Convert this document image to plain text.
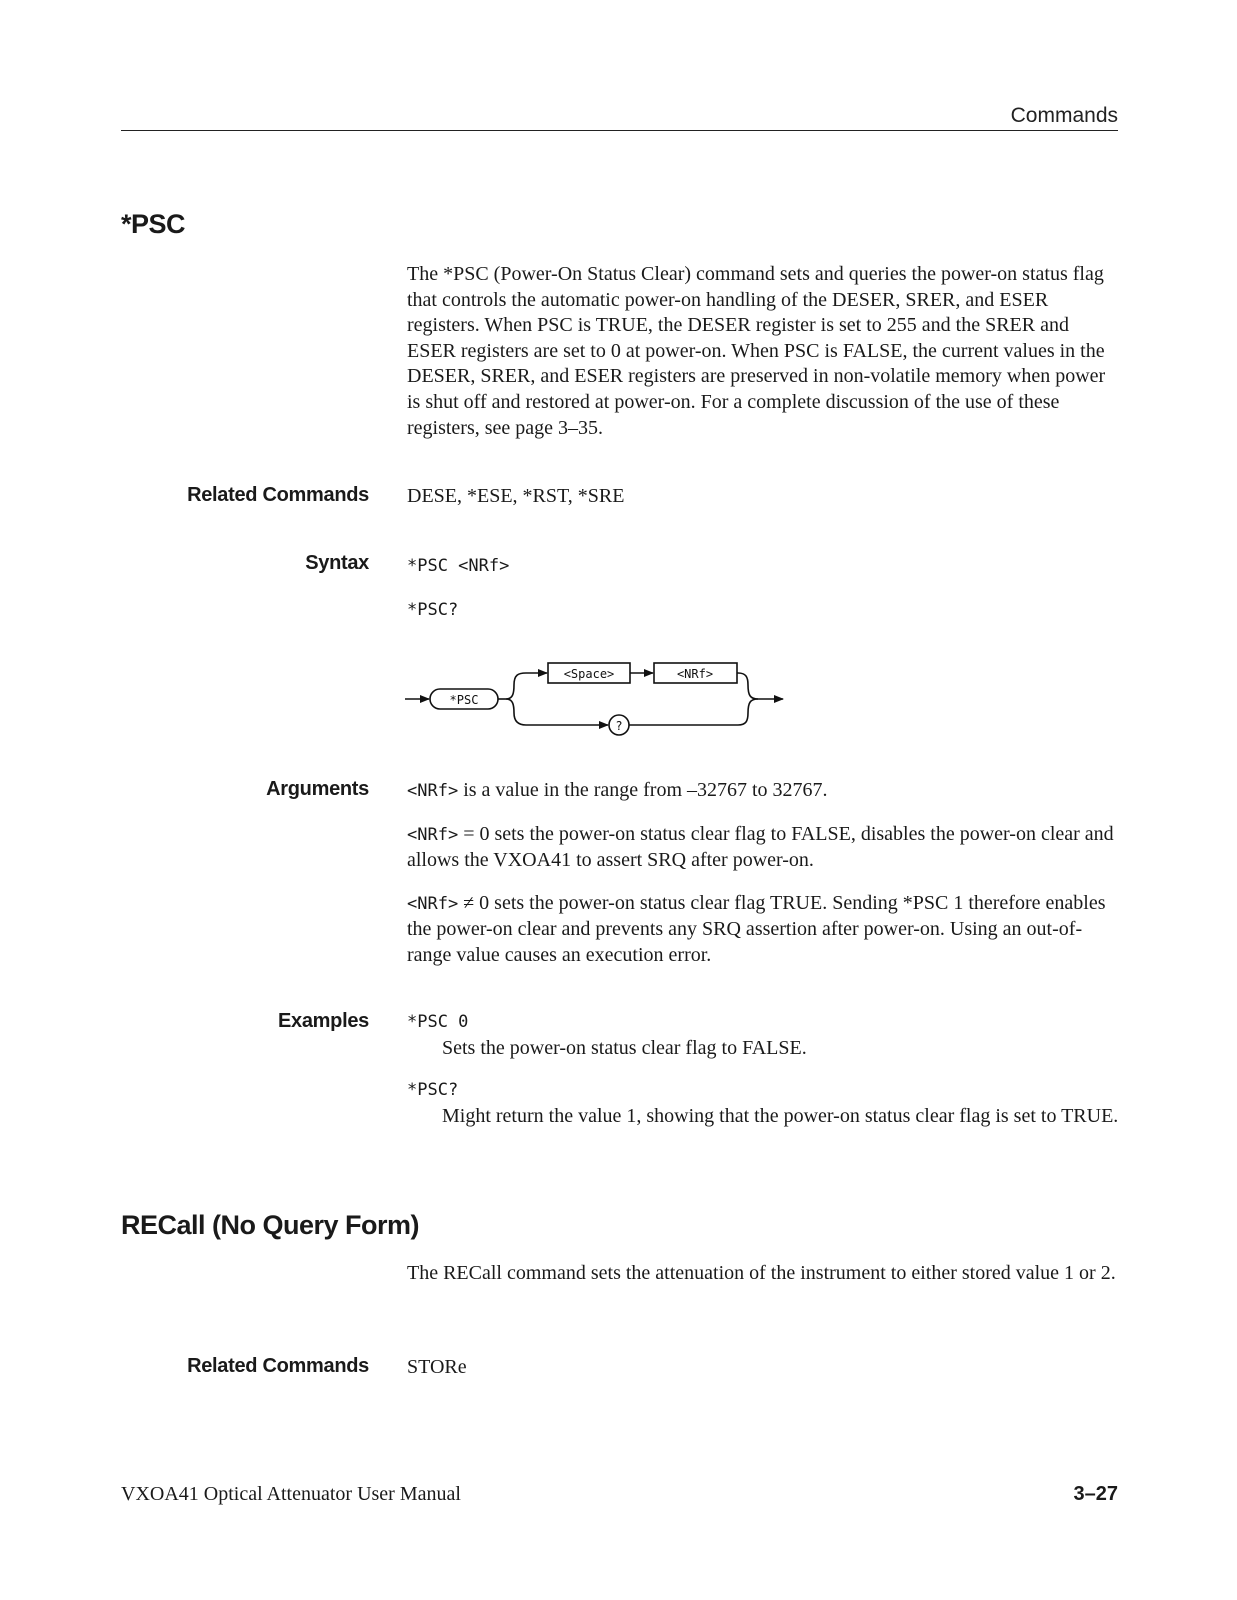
Commands
*PSC
The *PSC (Power-On Status Clear) command sets and queries the power-on status flag that controls the automatic power-on handling of the DESER, SRER, and ESER registers. When PSC is TRUE, the DESER register is set to 255 and the SRER and ESER registers are set to 0 at power-on. When PSC is FALSE, the current values in the DESER, SRER, and ESER registers are preserved in non-volatile memory when power is shut off and restored at power-on. For a complete discussion of the use of these registers, see page 3–35.
Related Commands DESE, *ESE, *RST, *SRE
Syntax *PSC <NRf>
*PSC?
*PSC
<Space>	<NRf>
?
Arguments <NRf> is a value in the range from –32767 to 32767.

<NRf> = 0 sets the power-on status clear flag to FALSE, disables the power-on clear and allows the VXOA41 to assert SRQ after power-on.

<NRf> ≠ 0 sets the power-on status clear flag TRUE. Sending *PSC 1 therefore enables the power-on clear and prevents any SRQ assertion after power-on. Using an out-of-range value causes an execution error.

Examples *PSC 0
Sets the power-on status clear flag to FALSE.
*PSC?
Might return the value 1, showing that the power-on status clear flag is set to TRUE.
RECall (No Query Form)
The RECall command sets the attenuation of the instrument to either stored value 1 or 2.
Related Commands STORe
VXOA41 Optical Attenuator User Manual	3–27
